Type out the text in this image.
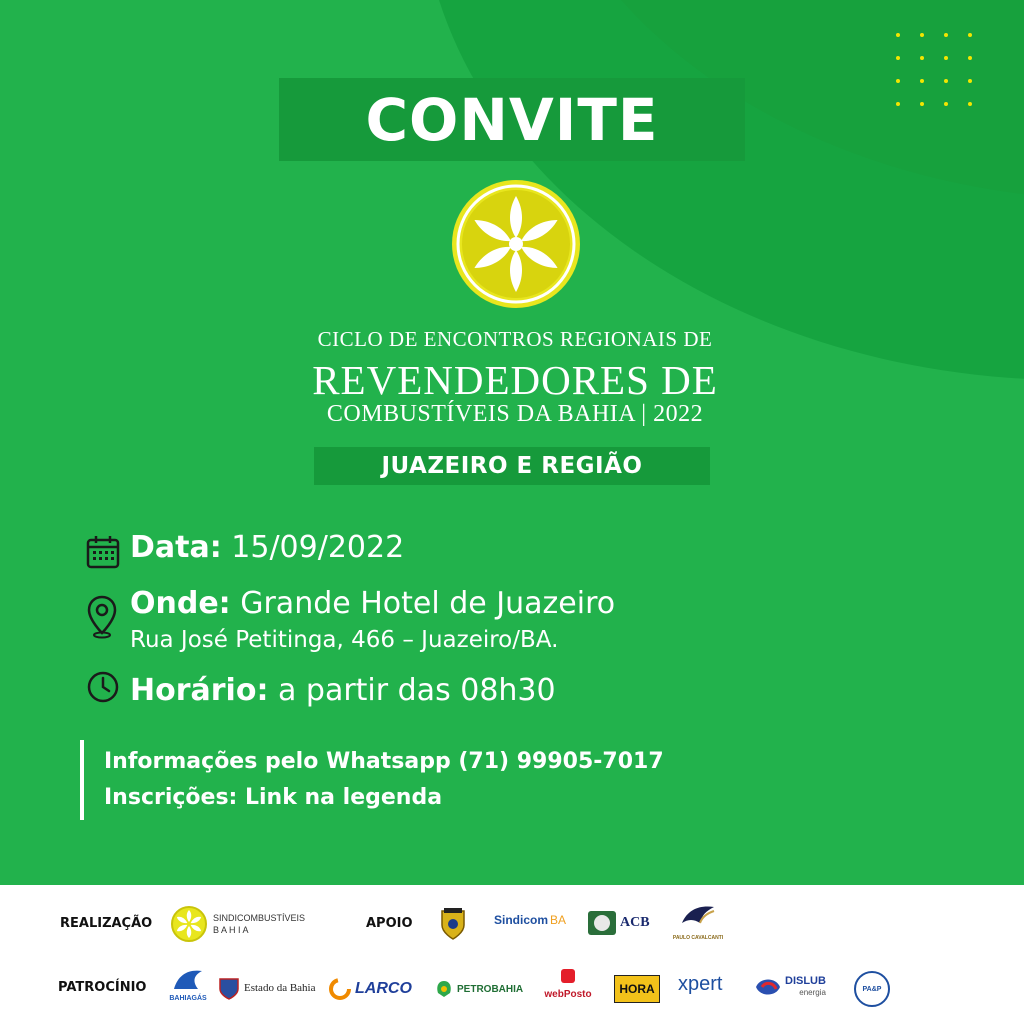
CONVITE
CICLO DE ENCONTROS REGIONAIS DE
REVENDEDORES DE
COMBUSTÍVEIS DA BAHIA | 2022
JUAZEIRO E REGIÃO
Data: 15/09/2022
Onde: Grande Hotel de Juazeiro
Rua José Petitinga, 466 – Juazeiro/BA.
Horário: a partir das 08h30
Informações pelo Whatsapp (71) 99905-7017
Inscrições: Link na legenda
REALIZAÇÃO	SINDICOMBUSTÍVEIS
B A H I A	APOIO	Sindicom BA	ACB
PAULO CAVALCANTI
PATROCÍNIO
BAHIAGÁS
Estado da Bahia LARCO	PETROBAHIA	webPosto	HORA xpert	DISLUB
energia	PA&P
